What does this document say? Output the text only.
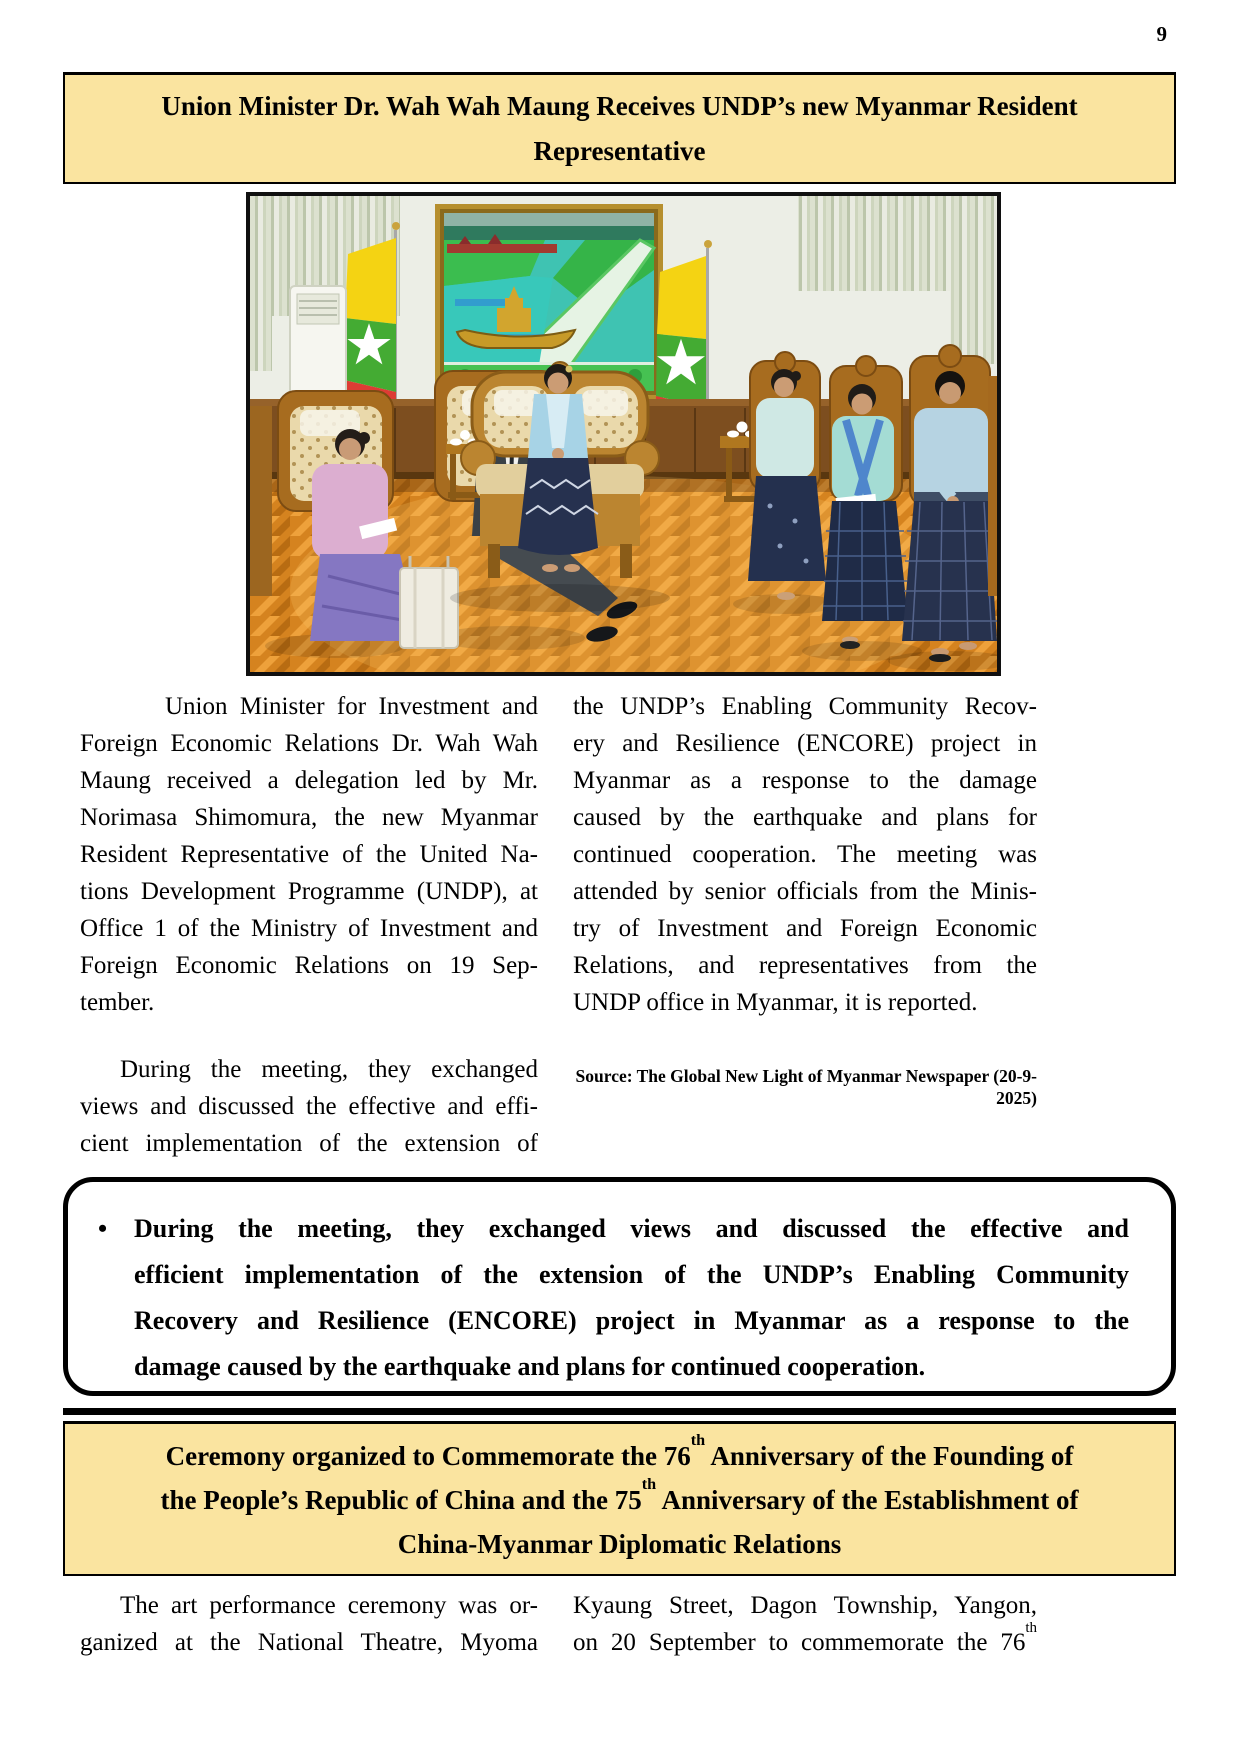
9
Union Minister Dr. Wah Wah Maung Receives UNDP’s new Myanmar Resident
Representative
Union Minister for Investment and
Foreign Economic Relations Dr. Wah Wah
Maung received a delegation led by Mr.
Norimasa Shimomura, the new Myanmar
Resident Representative of the United Na-
tions Development Programme (UNDP), at
Office 1 of the Ministry of Investment and
Foreign Economic Relations on 19 Sep-
tember.
During the meeting, they exchanged
views and discussed the effective and effi-
cient implementation of the extension of
the UNDP’s Enabling Community Recov-
ery and Resilience (ENCORE) project in
Myanmar as a response to the damage
caused by the earthquake and plans for
continued cooperation. The meeting was
attended by senior officials from the Minis-
try of Investment and Foreign Economic
Relations, and representatives from the
UNDP office in Myanmar, it is reported.
Source: The Global New Light of Myanmar Newspaper (20-9-2025)
•	During the meeting, they exchanged views and discussed the effective and
efficient implementation of the extension of the UNDP’s Enabling Community
Recovery and Resilience (ENCORE) project in Myanmar as a response to the
damage caused by the earthquake and plans for continued cooperation.
Ceremony organized to Commemorate the 76th Anniversary of the Founding of
the People’s Republic of China and the 75th Anniversary of the Establishment of
China-Myanmar Diplomatic Relations
The art performance ceremony was or-
ganized at the National Theatre, Myoma
Kyaung Street, Dagon Township, Yangon,
on 20 September to commemorate the 76th
